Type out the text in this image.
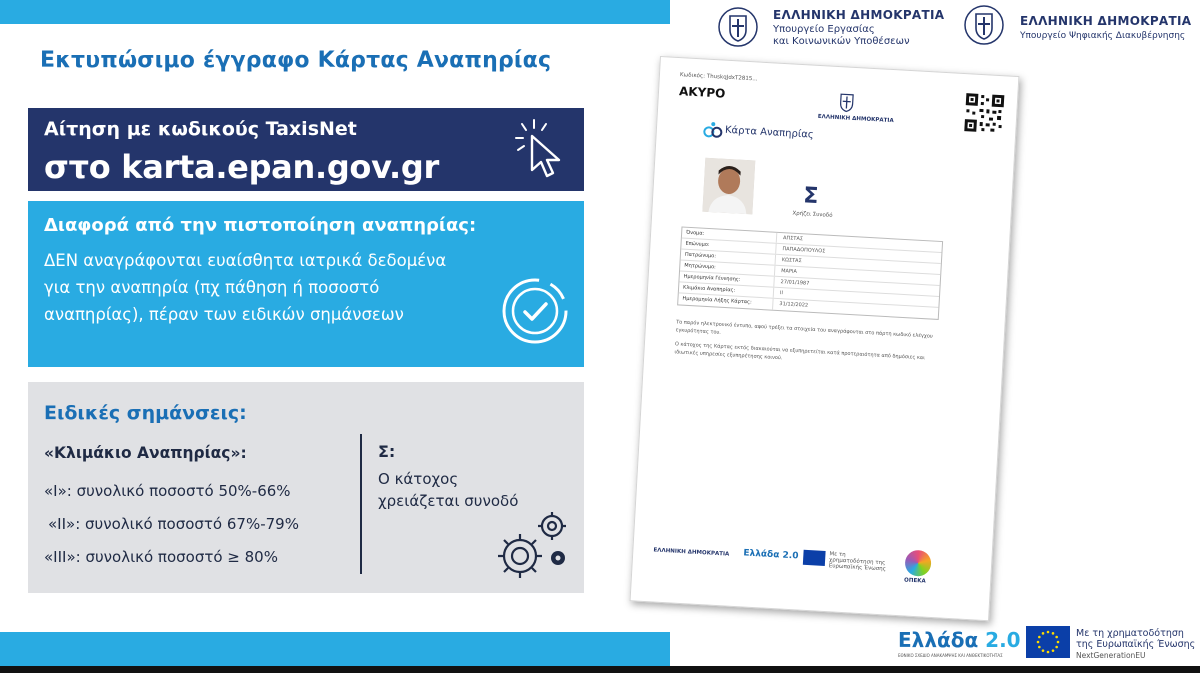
Εκτυπώσιμο έγγραφο Κάρτας Αναπηρίας
Αίτηση με κωδικούς TaxisNet
στο karta.epan.gov.gr
Διαφορά από την πιστοποίηση αναπηρίας:
ΔΕΝ αναγράφονται ευαίσθητα ιατρικά δεδομένα
για την αναπηρία (πχ πάθηση ή ποσοστό
αναπηρίας), πέραν των ειδικών σημάνσεων
Ειδικές σημάνσεις:
«Κλιμάκιο Αναπηρίας»:
«Ι»: συνολικό ποσοστό 50%-66%
«ΙΙ»: συνολικό ποσοστό 67%-79%
«ΙΙΙ»: συνολικό ποσοστό ≥ 80%
Σ:
Ο κάτοχος
χρειάζεται συνοδό
ΕΛΛΗΝΙΚΗ ΔΗΜΟΚΡΑΤΙΑ
Υπουργείο Εργασίας
και Κοινωνικών Υποθέσεων
ΕΛΛΗΝΙΚΗ ΔΗΜΟΚΡΑΤΙΑ
Υπουργείο Ψηφιακής Διακυβέρνησης
Κωδικός: ΤhuskqJdxT2815...
ΑΚΥΡΟ
ΕΛΛΗΝΙΚΗ ΔΗΜΟΚΡΑΤΙΑ
Κάρτα Αναπηρίας
Σ
Χρήζει Συνοδό
Όνομα:
ΑΠΣΤΑΣ
Επώνυμο:
ΠΑΠΑΔΟΠΟΥΛΟΣ
Πατρώνυμο:
ΚΩΣΤΑΣ
Μητρώνυμο:
ΜΑΡΙΑ
Ημερομηνία Γέννησης:
27/01/1987
Κλιμάκιο Αναπηρίας:	ΙΙ
Ημερομηνία Λήξης Κάρτας:	31/12/2022
Το παρόν ηλεκτρονικό έντυπο, αφού τρέξει τα στοιχεία του αναγράφονται στο πάρτη κωδικό ελέγχου εγκυρότητας του.
Ο κάτοχος της Κάρτας εκτός διακαιούται να εξυπηρετείται κατά προτεραιότητα από δημόσιες και ιδιωτικές υπηρεσίες εξυπηρέτησης κοινού.
ΕΛΛΗΝΙΚΗ ΔΗΜΟΚΡΑΤΙΑ Ελλάδα 2.0	Με τη χρηματοδότηση της Ευρωπαϊκής Ένωσης
ΟΠΕΚΑ
Ελλάδα 2.0
ΕΘΝΙΚΟ ΣΧΕΔΙΟ ΑΝΑΚΑΜΨΗΣ ΚΑΙ ΑΝΘΕΚΤΙΚΟΤΗΤΑΣ
Με τη χρηματοδότηση
της Ευρωπαϊκής Ένωσης
NextGenerationEU
